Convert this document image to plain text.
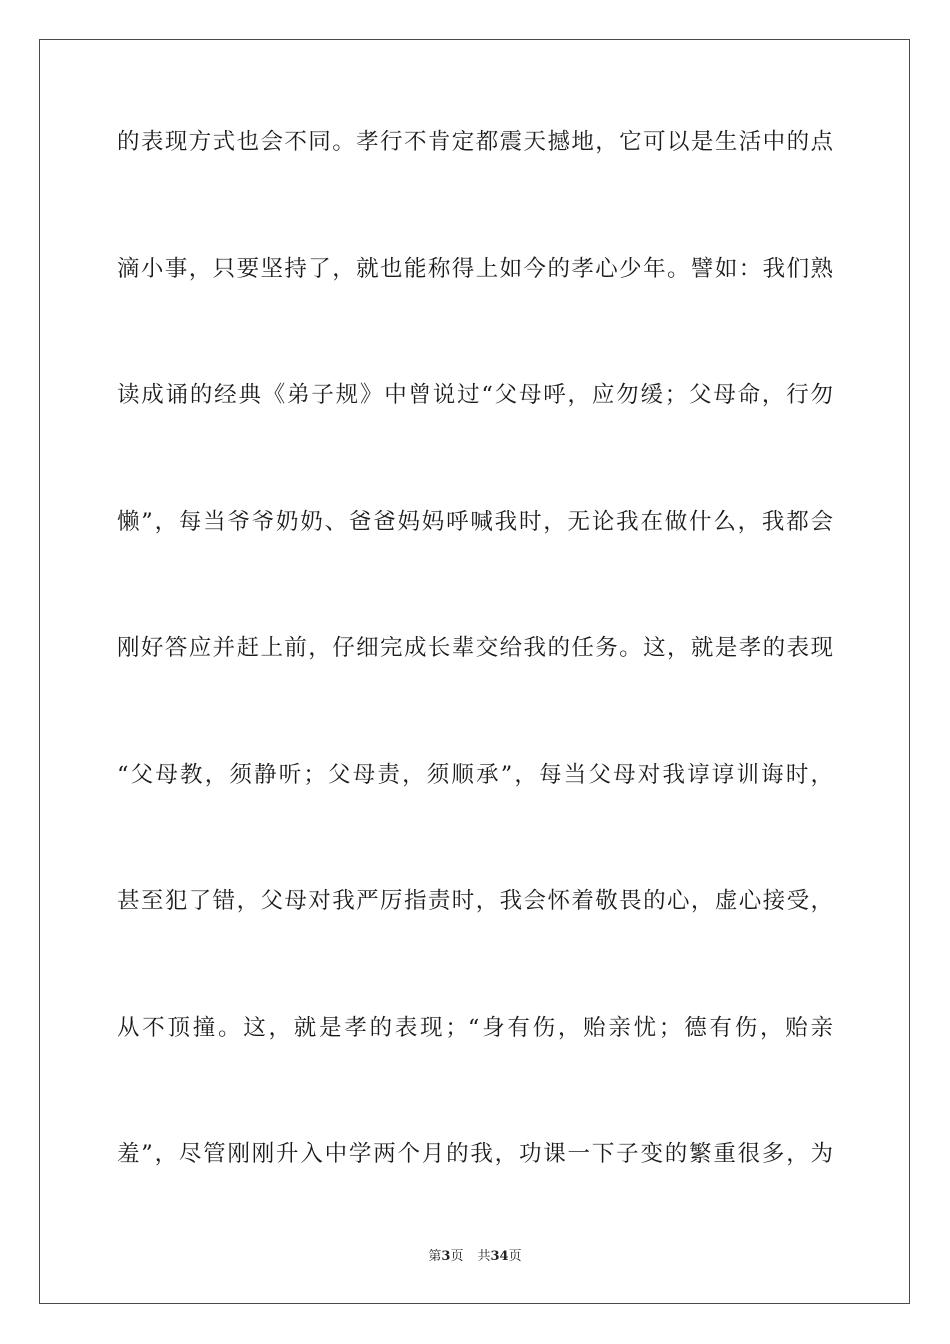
的表现方式也会不同。孝行不肯定都震天撼地，它可以是生活中的点

滴小事，只要坚持了，就也能称得上如今的孝心少年。譬如：我们熟

读成诵的经典《弟子规》中曾说过“父母呼，应勿缓；父母命，行勿

懒”，每当爷爷奶奶、爸爸妈妈呼喊我时，无论我在做什么，我都会

刚好答应并赶上前，仔细完成长辈交给我的任务。这，就是孝的表现

“父母教，须静听；父母责，须顺承”，每当父母对我谆谆训诲时，

甚至犯了错，父母对我严厉指责时，我会怀着敬畏的心，虚心接受，

从不顶撞。这，就是孝的表现；“身有伤，贻亲忧；德有伤，贻亲

羞”，尽管刚刚升入中学两个月的我，功课一下子变的繁重很多，为

第3页 共34页
